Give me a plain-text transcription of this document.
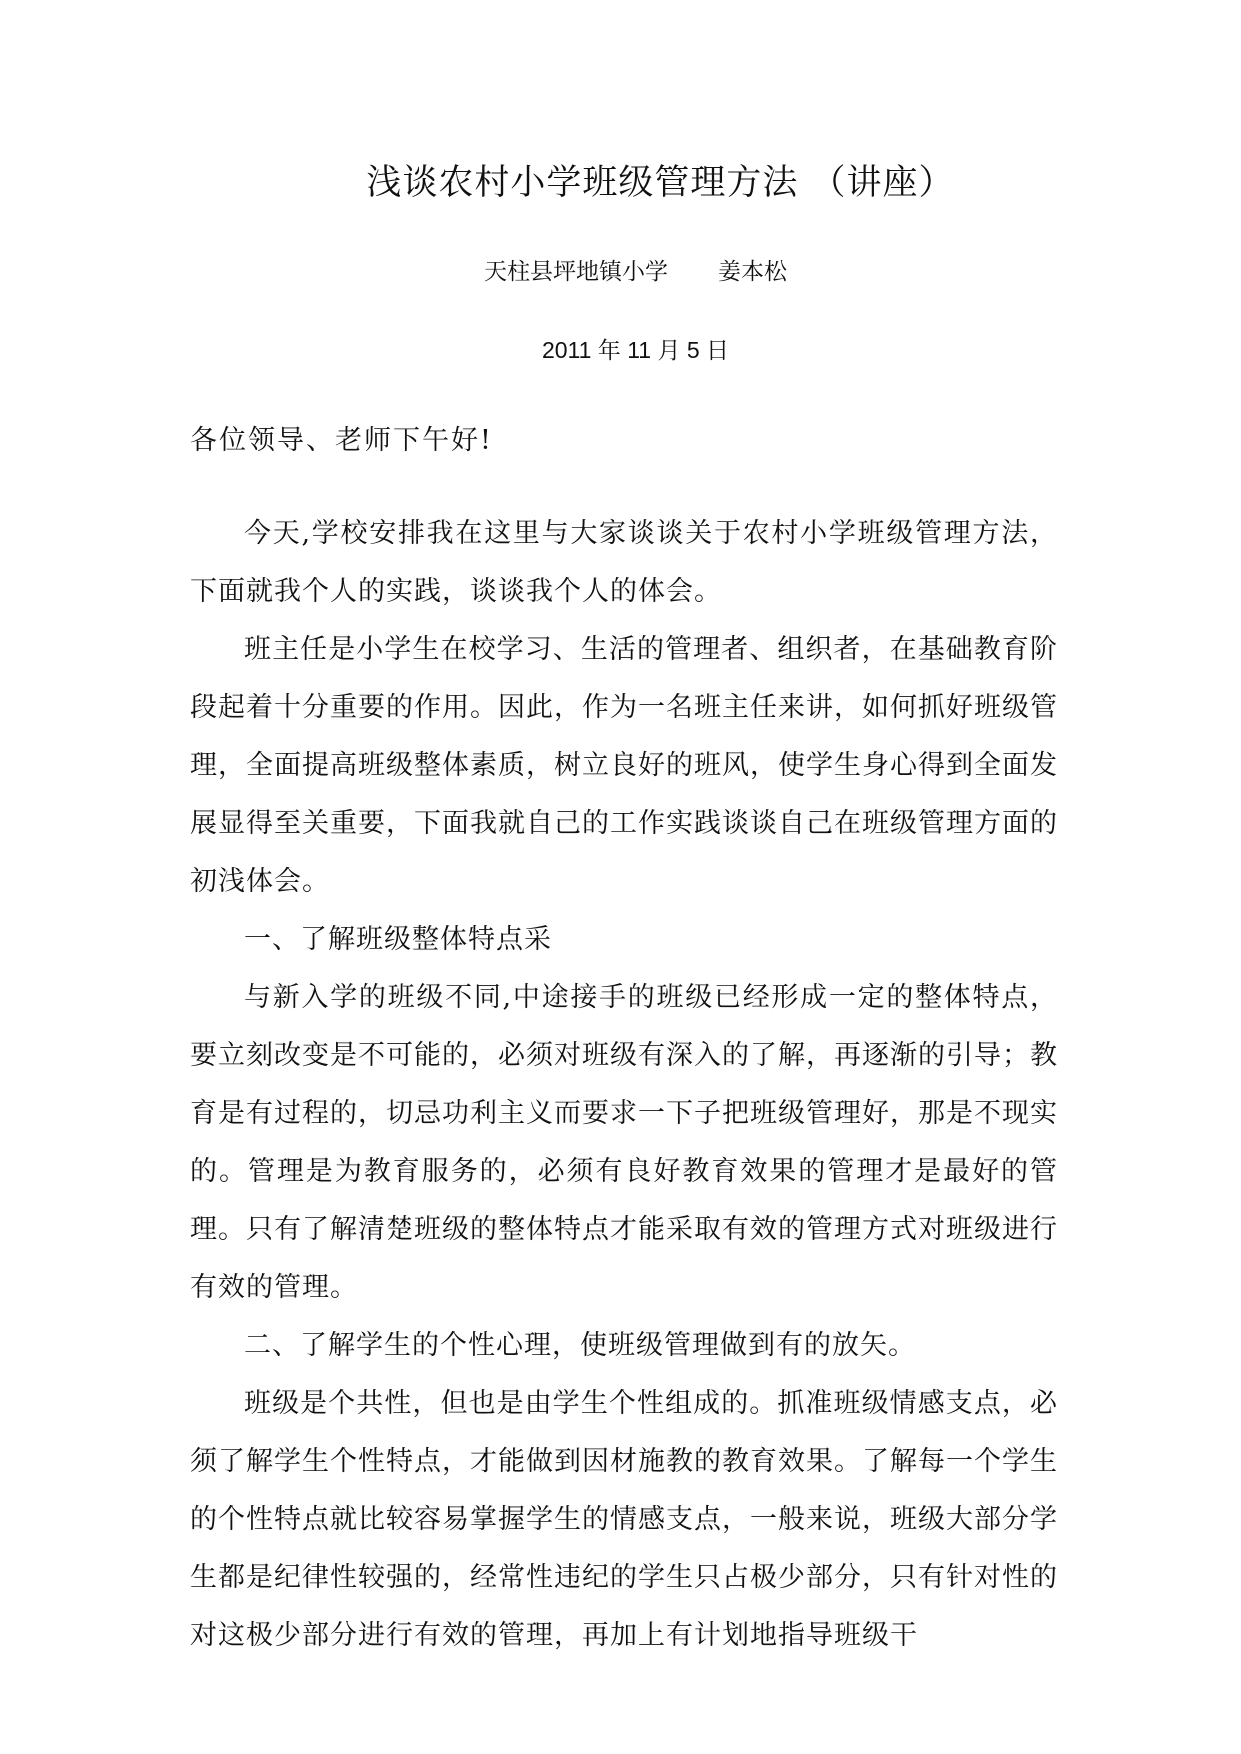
浅谈农村小学班级管理方法 （讲座）
天柱县坪地镇小学 姜本松
2011 年 11 月 5 日
各位领导、老师下午好!

今天,学校安排我在这里与大家谈谈关于农村小学班级管理方法，下面就我个人的实践，谈谈我个人的体会。

班主任是小学生在校学习、生活的管理者、组织者，在基础教育阶段起着十分重要的作用。因此，作为一名班主任来讲，如何抓好班级管理，全面提高班级整体素质，树立良好的班风，使学生身心得到全面发展显得至关重要，下面我就自己的工作实践谈谈自己在班级管理方面的初浅体会。

一、了解班级整体特点采

与新入学的班级不同,中途接手的班级已经形成一定的整体特点，要立刻改变是不可能的，必须对班级有深入的了解，再逐渐的引导；教育是有过程的，切忌功利主义而要求一下子把班级管理好，那是不现实的。管理是为教育服务的，必须有良好教育效果的管理才是最好的管理。只有了解清楚班级的整体特点才能采取有效的管理方式对班级进行有效的管理。

二、了解学生的个性心理，使班级管理做到有的放矢。

班级是个共性，但也是由学生个性组成的。抓准班级情感支点，必须了解学生个性特点，才能做到因材施教的教育效果。了解每一个学生的个性特点就比较容易掌握学生的情感支点，一般来说，班级大部分学生都是纪律性较强的，经常性违纪的学生只占极少部分，只有针对性的对这极少部分进行有效的管理，再加上有计划地指导班级干
